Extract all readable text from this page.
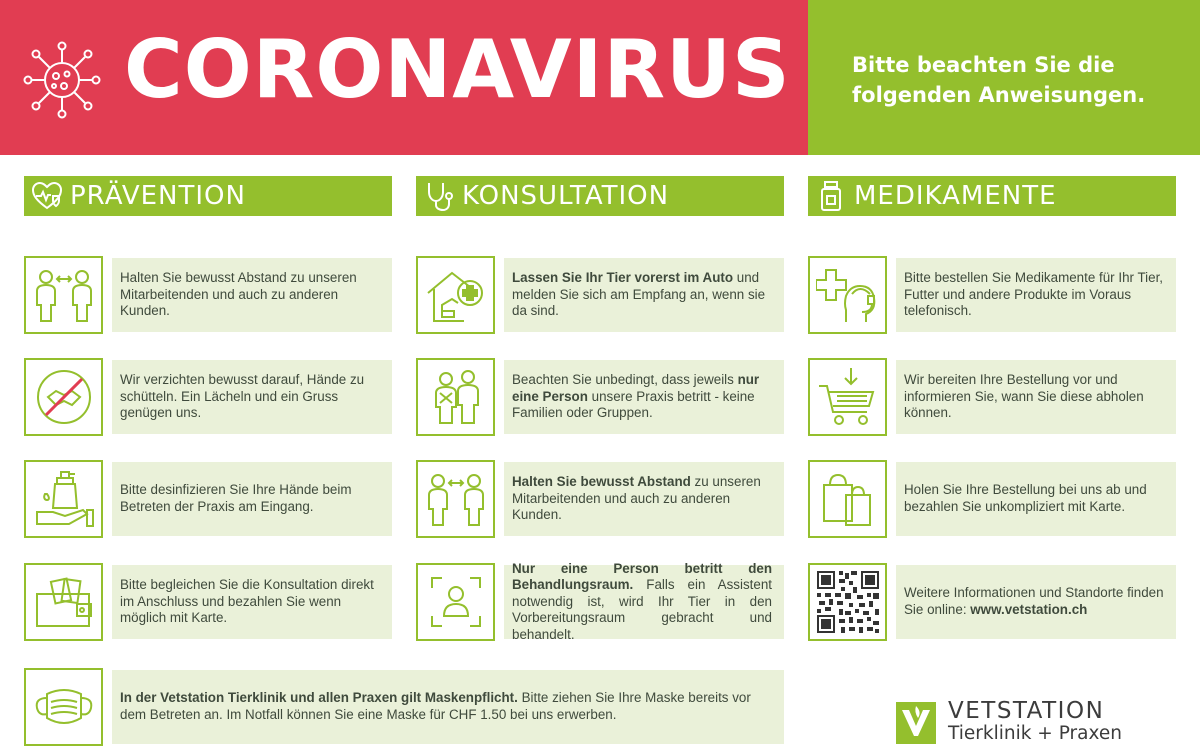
CORONAVIRUS	Bitte beachten Sie die folgenden Anweisungen.
PRÄVENTION	KONSULTATION	MEDIKAMENTE
Halten Sie bewusst Abstand zu unseren Mitarbeitenden und auch zu anderen Kunden.
Wir verzichten bewusst darauf, Hände zu schütteln. Ein Lächeln und ein Gruss genügen uns.
Bitte desinfizieren Sie Ihre Hände beim Betreten der Praxis am Eingang.
Bitte begleichen Sie die Konsultation direkt im Anschluss und bezahlen Sie wenn möglich mit Karte.
Lassen Sie Ihr Tier vorerst im Auto und melden Sie sich am Empfang an, wenn sie da sind.
Beachten Sie unbedingt, dass jeweils nur eine Person unsere Praxis betritt - keine Familien oder Gruppen.
Halten Sie bewusst Abstand zu unseren Mitarbeitenden und auch zu anderen Kunden.
Nur eine Person betritt den Behandlungsraum. Falls ein Assistent notwendig ist, wird Ihr Tier in den Vorbereitungsraum gebracht und behandelt.
Bitte bestellen Sie Medikamente für Ihr Tier, Futter und andere Produkte im Voraus telefonisch.
Wir bereiten Ihre Bestellung vor und informieren Sie, wann Sie diese abholen können.
Holen Sie Ihre Bestellung bei uns ab und bezahlen Sie unkompliziert mit Karte.
Weitere Informationen und Standorte finden Sie online: www.vetstation.ch
In der Vetstation Tierklinik und allen Praxen gilt Maskenpflicht. Bitte ziehen Sie Ihre Maske bereits vor dem Betreten an. Im Notfall können Sie eine Maske für CHF 1.50 bei uns erwerben.	VETSTATION
Tierklinik + Praxen
